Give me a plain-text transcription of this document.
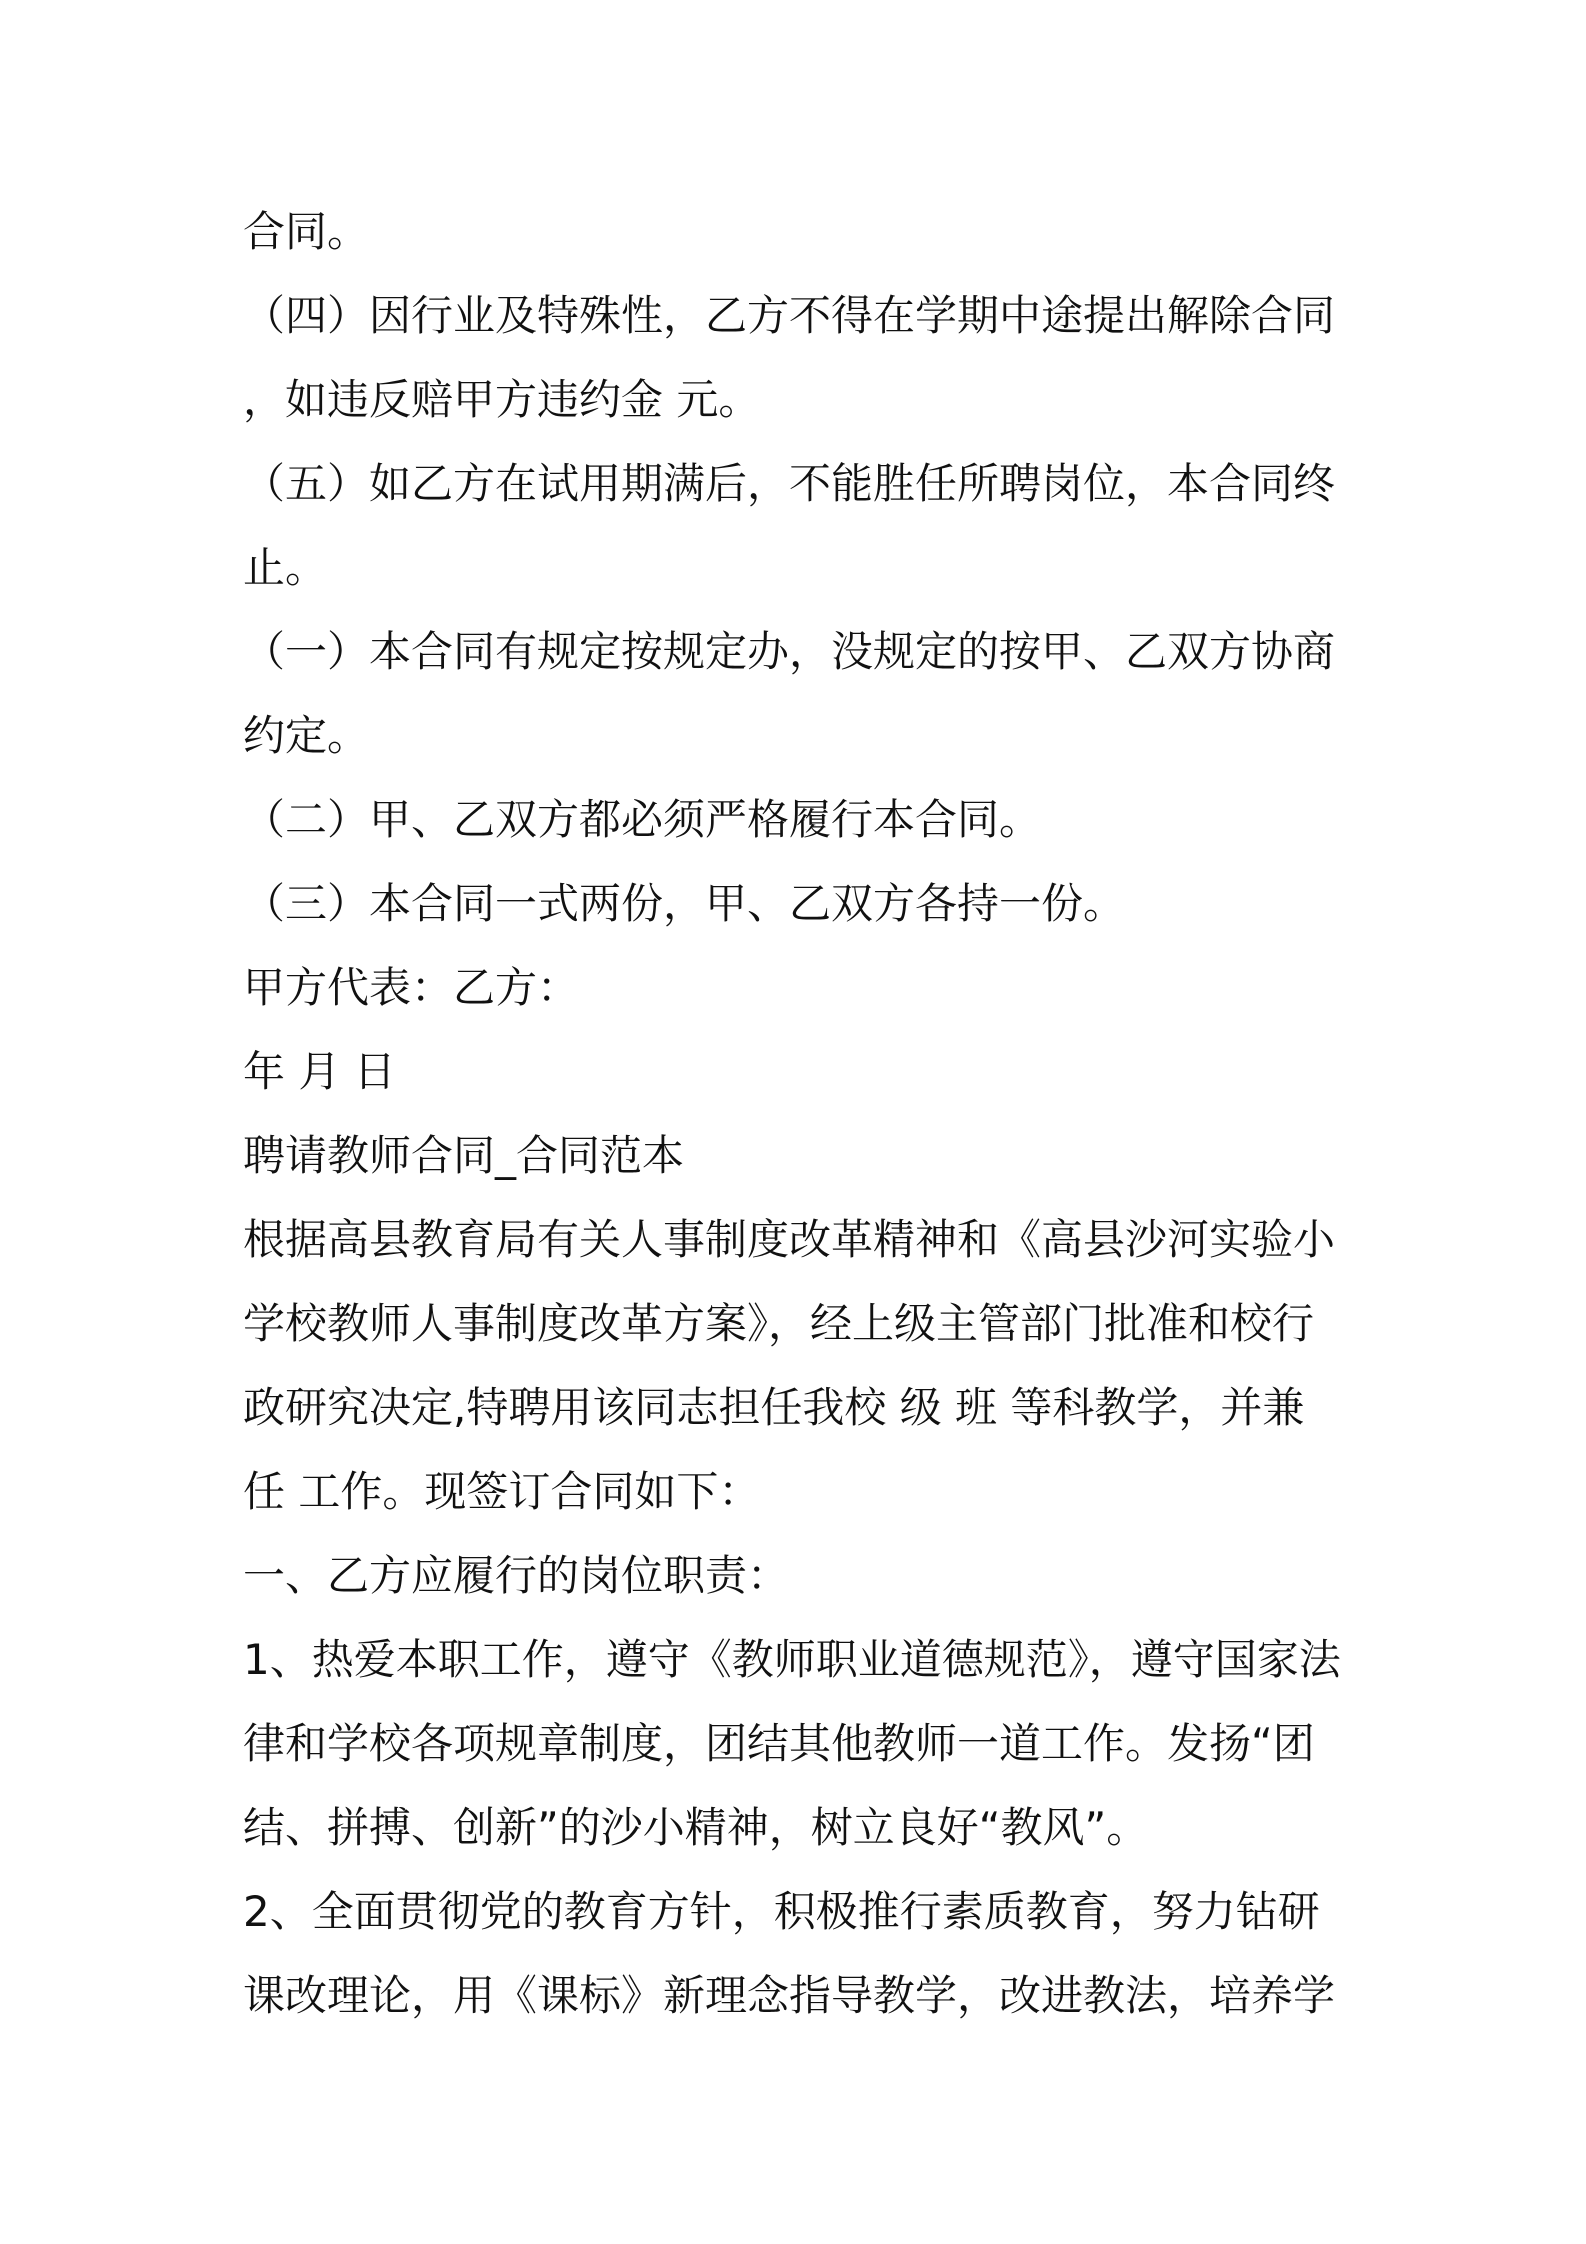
合同。
（四）因行业及特殊性，乙方不得在学期中途提出解除合同
，如违反赔甲方违约金 元。
（五）如乙方在试用期满后，不能胜任所聘岗位，本合同终
止。
（一）本合同有规定按规定办，没规定的按甲、乙双方协商
约定。
（二）甲、乙双方都必须严格履行本合同。
（三）本合同一式两份，甲、乙双方各持一份。
甲方代表：乙方：
年 月 日
聘请教师合同_合同范本
根据高县教育局有关人事制度改革精神和《高县沙河实验小
学校教师人事制度改革方案》，经上级主管部门批准和校行
政研究决定,特聘用该同志担任我校 级 班 等科教学，并兼
任 工作。现签订合同如下：
一、乙方应履行的岗位职责：
1、热爱本职工作，遵守《教师职业道德规范》，遵守国家法
律和学校各项规章制度，团结其他教师一道工作。发扬“团
结、拼搏、创新”的沙小精神，树立良好“教风”。
2、全面贯彻党的教育方针，积极推行素质教育，努力钻研
课改理论，用《课标》新理念指导教学，改进教法，培养学
